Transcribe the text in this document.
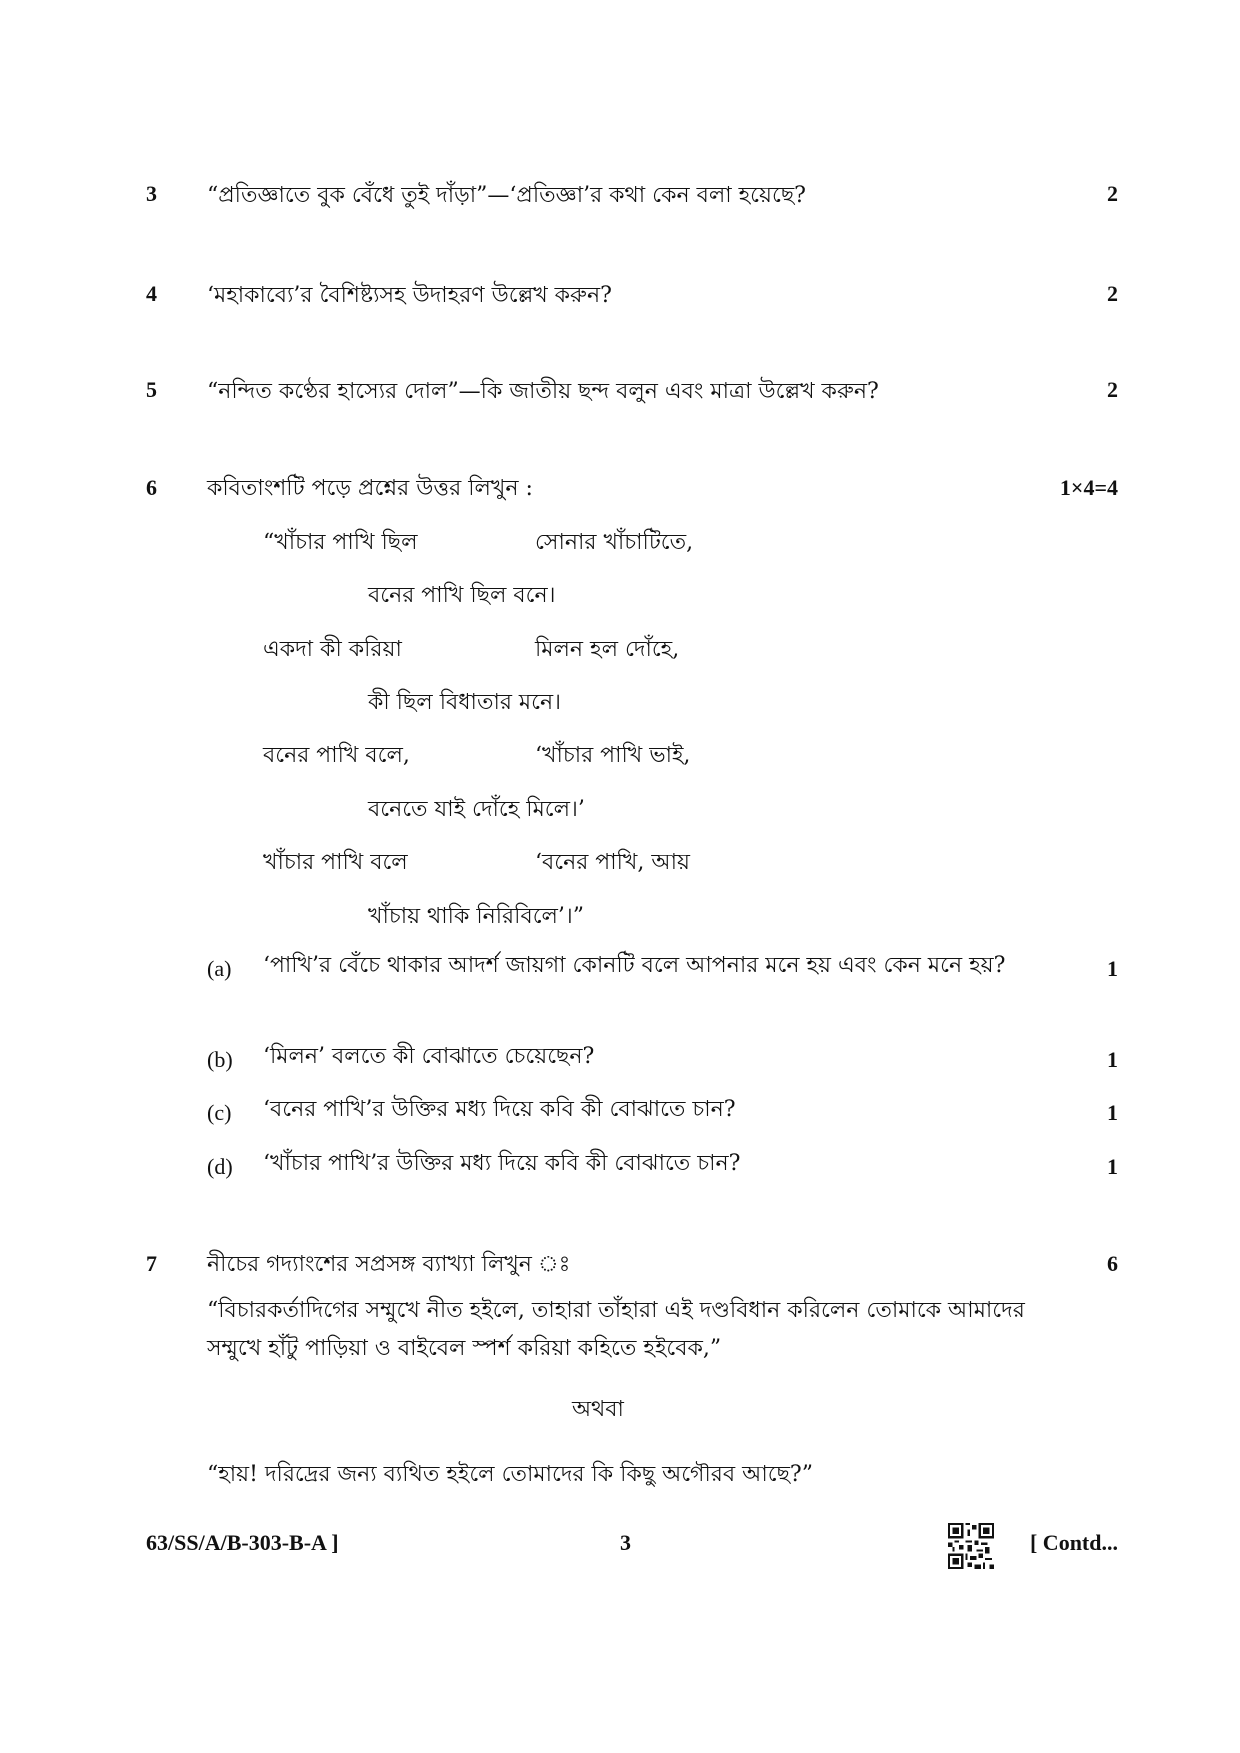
3	“প্রতিজ্ঞাতে বুক বেঁধে তুই দাঁড়া”—‘প্রতিজ্ঞা’র কথা কেন বলা হয়েছে?	2
4	‘মহাকাব্যে’র বৈশিষ্ট্যসহ উদাহরণ উল্লেখ করুন?	2
5	“নন্দিত কণ্ঠের হাস্যের দোল”—কি জাতীয় ছন্দ বলুন এবং মাত্রা উল্লেখ করুন?	2
6	কবিতাংশটি পড়ে প্রশ্নের উত্তর লিখুন :	1×4=4
“খাঁচার পাখি ছিল	সোনার খাঁচাটিতে,
বনের পাখি ছিল বনে।
একদা কী করিয়া	মিলন হল দোঁহে,
কী ছিল বিধাতার মনে।
বনের পাখি বলে,	‘খাঁচার পাখি ভাই,
বনেতে যাই দোঁহে মিলে।’
খাঁচার পাখি বলে	‘বনের পাখি, আয়
খাঁচায় থাকি নিরিবিলে’।”
(a) ‘পাখি’র বেঁচে থাকার আদর্শ জায়গা কোনটি বলে আপনার মনে হয় এবং কেন মনে হয়?	1
(b) ‘মিলন’ বলতে কী বোঝাতে চেয়েছেন?	1
(c) ‘বনের পাখি’র উক্তির মধ্য দিয়ে কবি কী বোঝাতে চান?	1
(d) ‘খাঁচার পাখি’র উক্তির মধ্য দিয়ে কবি কী বোঝাতে চান?	1
7	নীচের গদ্যাংশের সপ্রসঙ্গ ব্যাখ্যা লিখুন ঃ	6
“বিচারকর্তাদিগের সম্মুখে নীত হইলে, তাহারা তাঁহারা এই দণ্ডবিধান করিলেন তোমাকে আমাদের সম্মুখে হাঁটু পাড়িয়া ও বাইবেল স্পর্শ করিয়া কহিতে হইবেক,”
অথবা
“হায়! দরিদ্রের জন্য ব্যথিত হইলে তোমাদের কি কিছু অগৌরব আছে?”
63/SS/A/B-303-B-A ]	3	[ Contd...
